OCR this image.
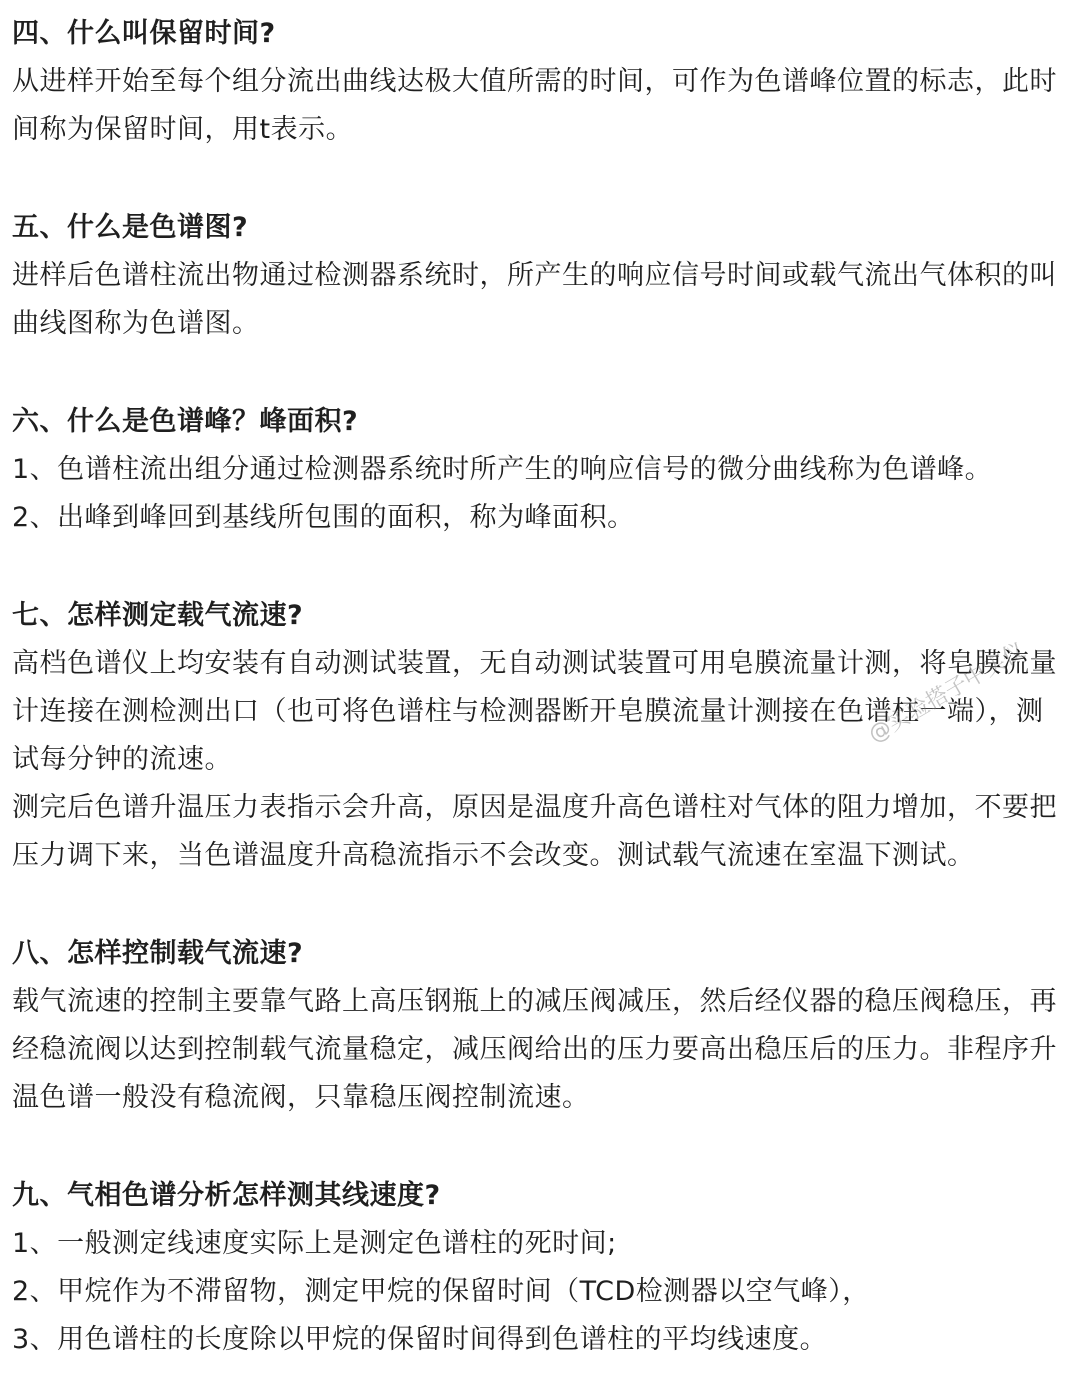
四、什么叫保留时间?

从进样开始至每个组分流出曲线达极大值所需的时间，可作为色谱峰位置的标志，此时间称为保留时间，用t表示。

五、什么是色谱图?

进样后色谱柱流出物通过检测器系统时，所产生的响应信号时间或载气流出气体积的叫曲线图称为色谱图。

六、什么是色谱峰？峰面积?

1、色谱柱流出组分通过检测器系统时所产生的响应信号的微分曲线称为色谱峰。

2、出峰到峰回到基线所包围的面积，称为峰面积。

七、怎样测定载气流速?

高档色谱仪上均安装有自动测试装置，无自动测试装置可用皂膜流量计测，将皂膜流量计连接在测检测出口（也可将色谱柱与检测器断开皂膜流量计测接在色谱柱一端），测试每分钟的流速。

测完后色谱升温压力表指示会升高，原因是温度升高色谱柱对气体的阻力增加，不要把压力调下来，当色谱温度升高稳流指示不会改变。测试载气流速在室温下测试。

八、怎样控制载气流速?

载气流速的控制主要靠气路上高压钢瓶上的减压阀减压，然后经仪器的稳压阀稳压，再经稳流阀以达到控制载气流量稳定，减压阀给出的压力要高出稳压后的压力。非程序升温色谱一般没有稳流阀，只靠稳压阀控制流速。

九、气相色谱分析怎样测其线速度?

1、一般测定线速度实际上是测定色谱柱的死时间;

2、甲烷作为不滞留物，测定甲烷的保留时间（TCD检测器以空气峰），

3、用色谱柱的长度除以甲烷的保留时间得到色谱柱的平均线速度。

@实验搭子中实仪
